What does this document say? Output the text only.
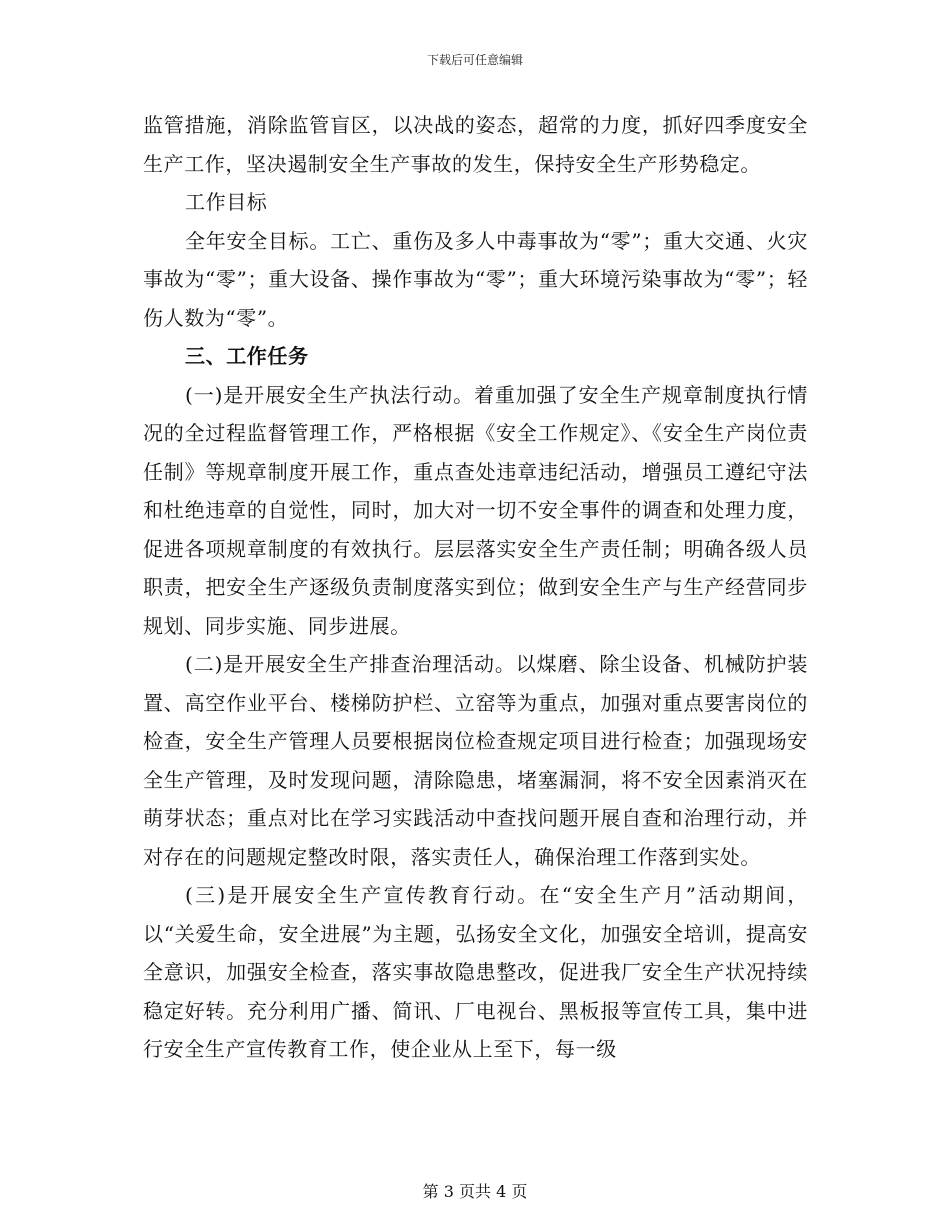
下载后可任意编辑

监管措施，消除监管盲区，以决战的姿态，超常的力度，抓好四季度安全生产工作，坚决遏制安全生产事故的发生，保持安全生产形势稳定。

工作目标

全年安全目标。工亡、重伤及多人中毒事故为“零”；重大交通、火灾事故为“零”；重大设备、操作事故为“零”；重大环境污染事故为“零”；轻伤人数为“零”。

三、工作任务

(一)是开展安全生产执法行动。着重加强了安全生产规章制度执行情况的全过程监督管理工作，严格根据《安全工作规定》、《安全生产岗位责任制》等规章制度开展工作，重点查处违章违纪活动，增强员工遵纪守法和杜绝违章的自觉性，同时，加大对一切不安全事件的调查和处理力度，促进各项规章制度的有效执行。层层落实安全生产责任制；明确各级人员职责，把安全生产逐级负责制度落实到位；做到安全生产与生产经营同步规划、同步实施、同步进展。

(二)是开展安全生产排查治理活动。以煤磨、除尘设备、机械防护装置、高空作业平台、楼梯防护栏、立窑等为重点，加强对重点要害岗位的检查，安全生产管理人员要根据岗位检查规定项目进行检查；加强现场安全生产管理，及时发现问题，清除隐患，堵塞漏洞，将不安全因素消灭在萌芽状态；重点对比在学习实践活动中查找问题开展自查和治理行动，并对存在的问题规定整改时限，落实责任人，确保治理工作落到实处。

(三)是开展安全生产宣传教育行动。在“安全生产月”活动期间，以“关爱生命，安全进展”为主题，弘扬安全文化，加强安全培训，提高安全意识，加强安全检查，落实事故隐患整改，促进我厂安全生产状况持续稳定好转。充分利用广播、简讯、厂电视台、黑板报等宣传工具，集中进行安全生产宣传教育工作，使企业从上至下，每一级

第 3 页共 4 页
